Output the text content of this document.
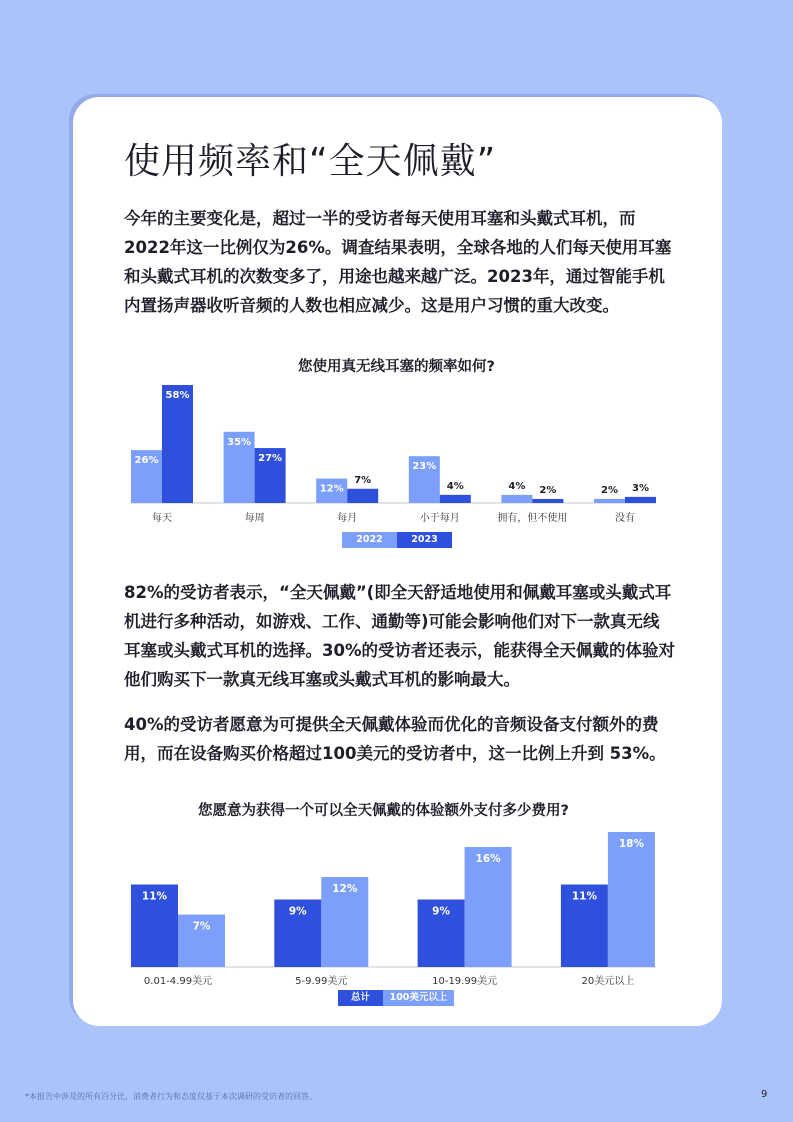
使用频率和“全天佩戴”

今年的主要变化是，超过一半的受访者每天使用耳塞和头戴式耳机，而2022年这一比例仅为26%。调查结果表明，全球各地的人们每天使用耳塞和头戴式耳机的次数变多了，用途也越来越广泛。2023年，通过智能手机内置扬声器收听音频的人数也相应减少。这是用户习惯的重大改变。

您使用真无线耳塞的频率如何?
26%
58%
每天
35%
27%
每周
12%
7%
每月
23%
4%
小于每月
4% 2%
拥有，但不使用
2% 3%
没有
2022	2023

82%的受访者表示，“全天佩戴”(即全天舒适地使用和佩戴耳塞或头戴式耳机进行多种活动，如游戏、工作、通勤等)可能会影响他们对下一款真无线耳塞或头戴式耳机的选择。30%的受访者还表示，能获得全天佩戴的体验对他们购买下一款真无线耳塞或头戴式耳机的影响最大。

40%的受访者愿意为可提供全天佩戴体验而优化的音频设备支付额外的费用，而在设备购买价格超过100美元的受访者中，这一比例上升到 53%。

您愿意为获得一个可以全天佩戴的体验额外支付多少费用?
11%
7%
0.01-4.99美元
9%
12%
5-9.99美元
9%
16%
10-19.99美元
11%
18%
20美元以上
总计	100美元以上
*本报告中涉及的所有百分比、消费者行为和态度仅基于本次调研的受访者的回答。	9
